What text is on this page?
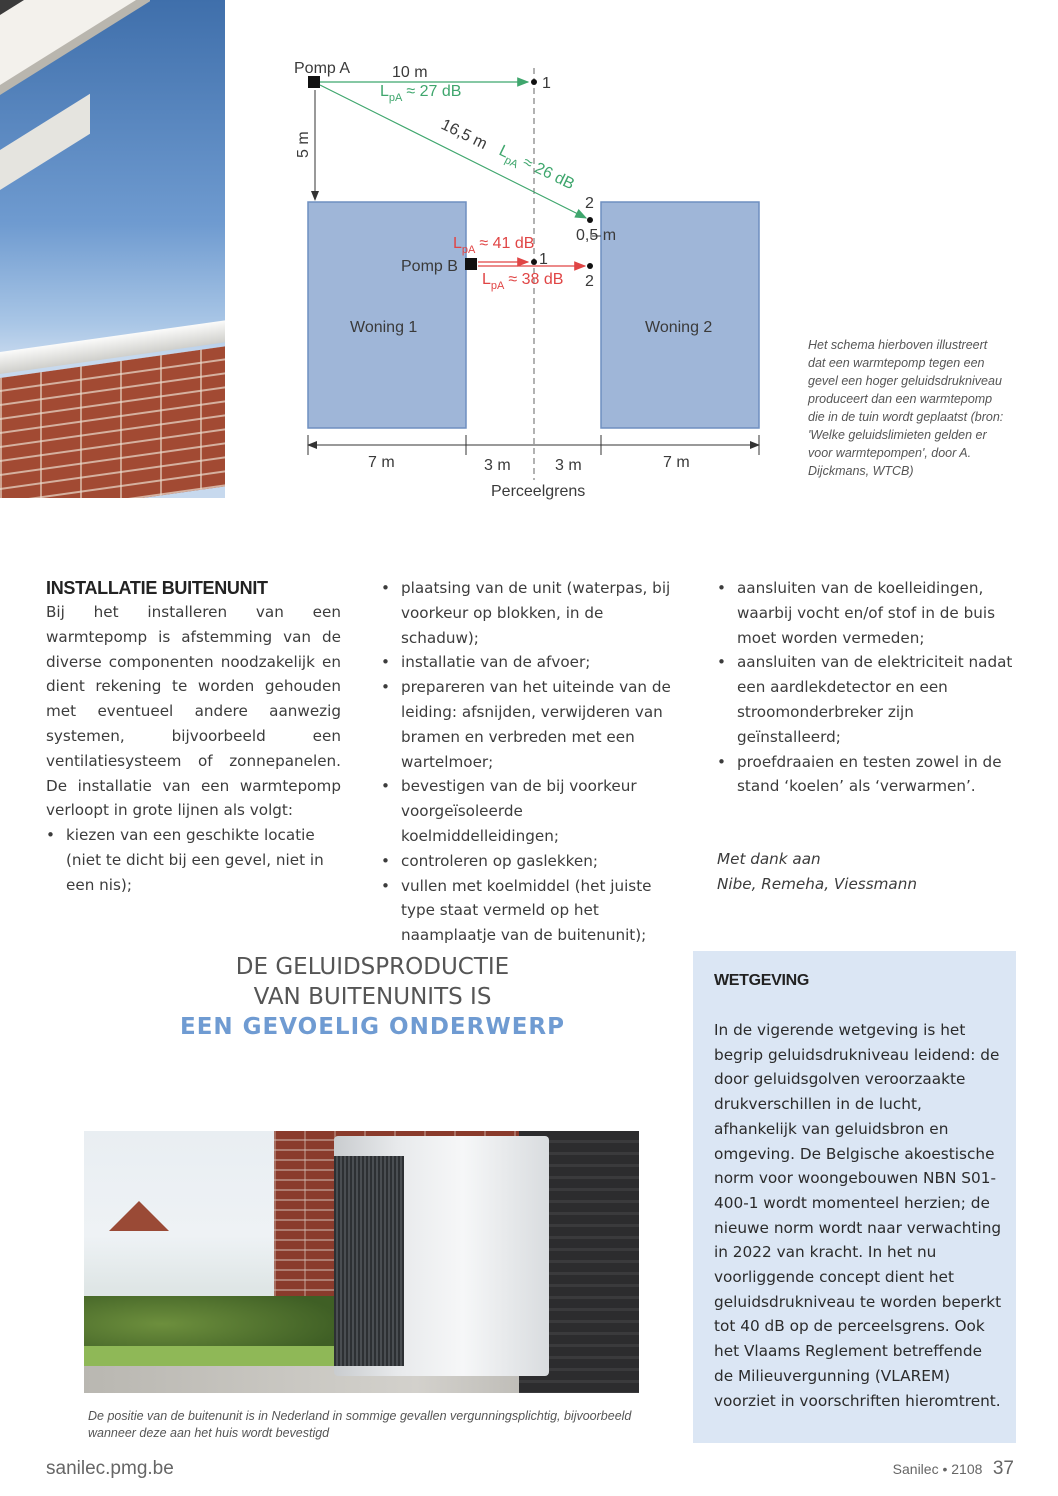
Pomp A	10 m
$L_{pA} \approx 27$ dB	1
5 m	16,5 m $L_{pA}\approx 26$ dB
2
0,5 m
$L_{pA} \approx 41$ dB
Pomp B	1
$L_{pA} \approx 38$ dB 2
Woning 1	Woning 2
7 m	3 m	3 m	7 m
Perceelgrens
Het schema hierboven illustreert dat een warmtepomp tegen een gevel een hoger geluidsdrukniveau produceert dan een warmtepomp die in de tuin wordt geplaatst (bron: 'Welke geluidslimieten gelden er voor warmtepompen', door A. Dijckmans, WTCB)
INSTALLATIE BUITENUNIT

Bij het installeren van een warmtepomp is afstemming van de diverse componenten noodzakelijk en dient rekening te worden gehouden met eventueel andere aanwezig systemen, bijvoorbeeld een ventilatiesysteem of zonnepanelen. De installatie van een warmtepomp verloopt in grote lijnen als volgt:

• kiezen van een geschikte locatie (niet te dicht bij een gevel, niet in een nis);
• plaatsing van de unit (waterpas, bij voorkeur op blokken, in de schaduw);
• installatie van de afvoer;
• prepareren van het uiteinde van de leiding: afsnijden, verwijderen van bramen en verbreden met een wartelmoer;
• bevestigen van de bij voorkeur voorgeïsoleerde koelmiddelleidingen;
• controleren op gaslekken;
• vullen met koelmiddel (het juiste type staat vermeld op het naamplaatje van de buitenunit);
• aansluiten van de koelleidingen, waarbij vocht en/of stof in de buis moet worden vermeden;
• aansluiten van de elektriciteit nadat een aardlekdetector en een stroomonderbreker zijn geïnstalleerd;
• proefdraaien en testen zowel in de stand ‘koelen’ als ‘verwarmen’.
Met dank aan
Nibe, Remeha, Viessmann
DE GELUIDSPRODUCTIE
VAN BUITENUNITS IS
EEN GEVOELIG ONDERWERP
De positie van de buitenunit is in Nederland in sommige gevallen vergunningsplichtig, bijvoorbeeld wanneer deze aan het huis wordt bevestigd
WETGEVING

In de vigerende wetgeving is het begrip geluidsdrukniveau leidend: de door geluidsgolven veroorzaakte drukverschillen in de lucht, afhankelijk van geluidsbron en omgeving. De Belgische akoestische norm voor woongebouwen NBN S01-400-1 wordt momenteel herzien; de nieuwe norm wordt naar verwachting in 2022 van kracht. In het nu voorliggende concept dient het geluidsdrukniveau te worden beperkt tot 40 dB op de perceelsgrens. Ook het Vlaams Reglement betreffende de Milieuvergunning (VLAREM) voorziet in voorschriften hieromtrent.

sanilec.pmg.be	Sanilec • 2108 37
